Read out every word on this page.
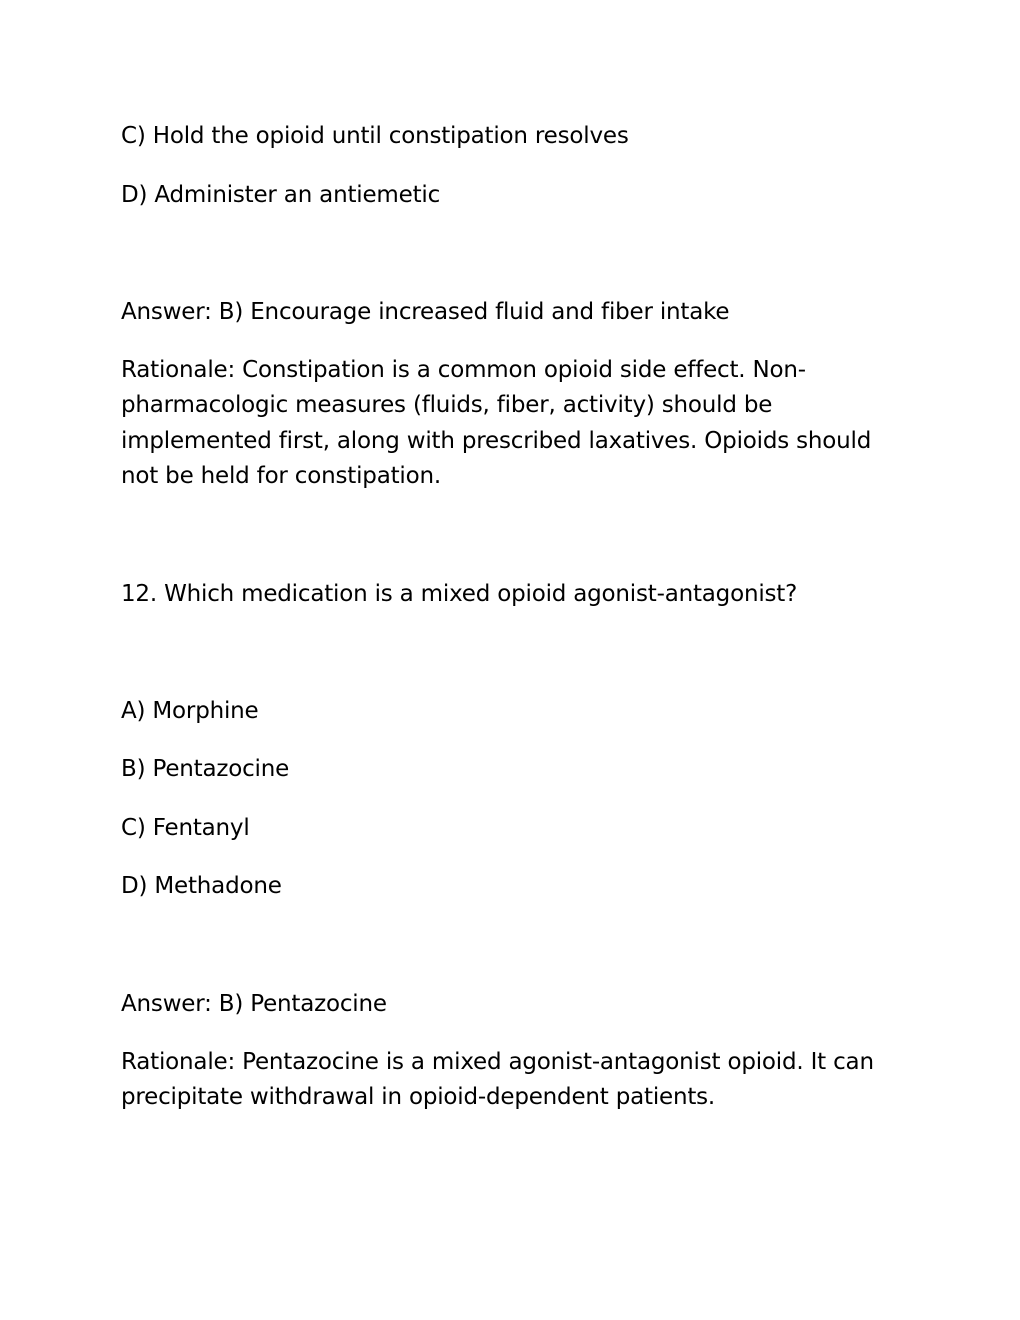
C) Hold the opioid until constipation resolves
D) Administer an antiemetic
Answer: B) Encourage increased fluid and fiber intake
Rationale: Constipation is a common opioid side effect. Non-pharmacologic measures (fluids, fiber, activity) should be implemented first, along with prescribed laxatives. Opioids should not be held for constipation.
12. Which medication is a mixed opioid agonist-antagonist?
A) Morphine
B) Pentazocine
C) Fentanyl
D) Methadone
Answer: B) Pentazocine
Rationale: Pentazocine is a mixed agonist-antagonist opioid. It can precipitate withdrawal in opioid-dependent patients.
